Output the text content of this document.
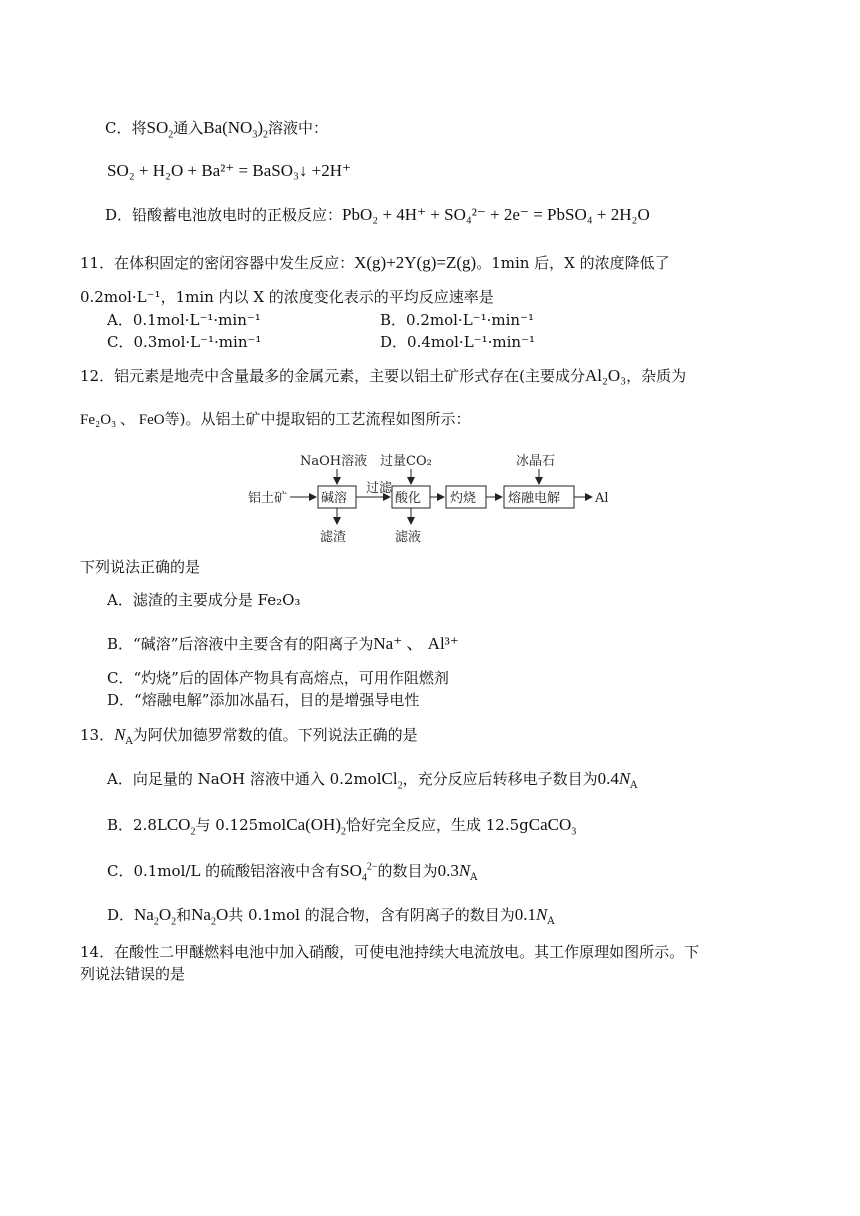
C．将$SO_2$通入$Ba(NO_3)_2$溶液中：
SO₂ + H₂O + Ba²⁺ = BaSO₃↓ +2H⁺
D．铅酸蓄电池放电时的正极反应：PbO₂ + 4H⁺ + SO₄²⁻ + 2e⁻ = PbSO₄ + 2H₂O
11．在体积固定的密闭容器中发生反应：X(g)+2Y(g)=Z(g)。1min 后，X 的浓度降低了
0.2mol·L⁻¹，1min 内以 X 的浓度变化表示的平均反应速率是
A．0.1mol·L⁻¹·min⁻¹	B．0.2mol·L⁻¹·min⁻¹
C．0.3mol·L⁻¹·min⁻¹	D．0.4mol·L⁻¹·min⁻¹
12．铝元素是地壳中含量最多的金属元素，主要以铝土矿形式存在(主要成分Al₂O₃，杂质为
Fe₂O₃ 、 FeO等)。从铝土矿中提取铝的工艺流程如图所示：
铝土矿	碱溶
NaOH溶液
滤渣
过滤
酸化
过量CO₂
滤液
灼烧 熔融电解
冰晶石
Al
下列说法正确的是
A．滤渣的主要成分是 Fe₂O₃
B．“碱溶”后溶液中主要含有的阳离子为Na⁺ 、 Al³⁺
C．“灼烧”后的固体产物具有高熔点，可用作阻燃剂
D．“熔融电解”添加冰晶石，目的是增强导电性
13．$N_A$为阿伏加德罗常数的值。下列说法正确的是
A．向足量的 NaOH 溶液中通入 0.2molCl$_2$，充分反应后转移电子数目为$0.4N_A$
B．$2.8LCO_2$与 $0.125molCa(OH)_2$恰好完全反应，生成 12.5gCaCO$_3$
C．0.1mol/L 的硫酸铝溶液中含有$SO_4^{2-}$的数目为$0.3N_A$
D．$Na_2O_2$和$Na_2O$共 0.1mol 的混合物，含有阴离子的数目为$0.1N_A$
14．在酸性二甲醚燃料电池中加入硝酸，可使电池持续大电流放电。其工作原理如图所示。下
列说法错误的是
